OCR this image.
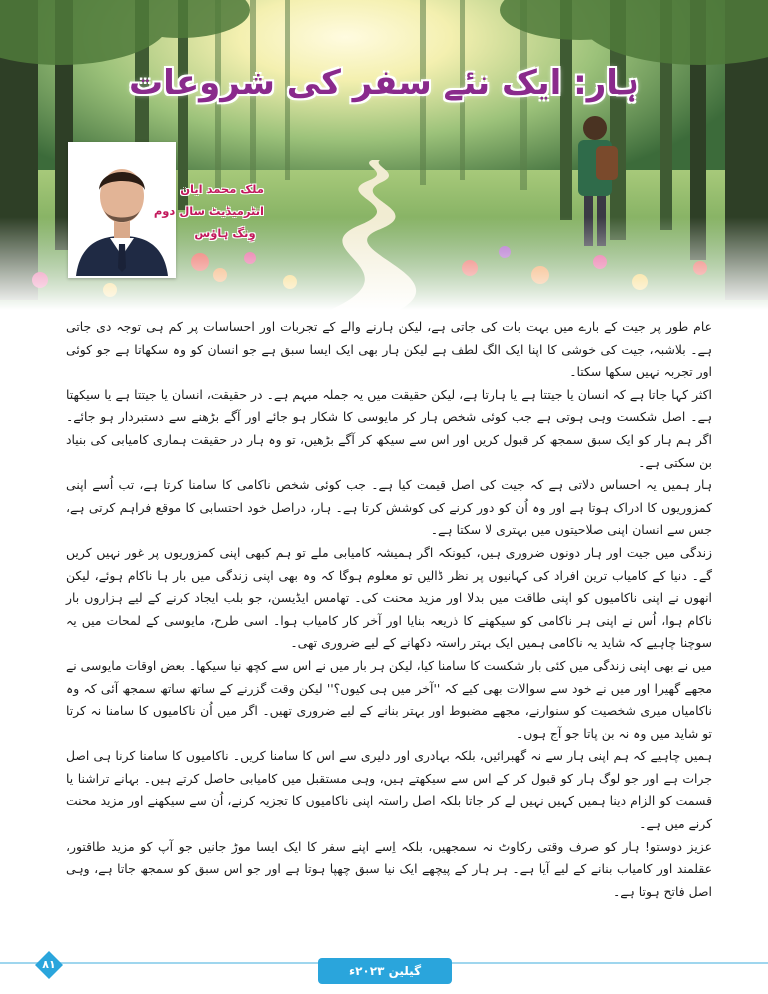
ہار: ایک نئے سفر کی شروعات
ملک محمد ایان
انٹرمیڈیٹ سال دوم
وِنگ ہاؤس

عام طور پر جیت کے بارے میں بہت بات کی جاتی ہے، لیکن ہارنے والے کے تجربات اور احساسات پر کم ہی توجہ دی جاتی ہے۔ بلاشبہ، جیت کی خوشی کا اپنا ایک الگ لطف ہے لیکن ہار بھی ایک ایسا سبق ہے جو انسان کو وہ سکھاتا ہے جو کوئی اور تجربہ نہیں سکھا سکتا۔

اکثر کہا جاتا ہے کہ انسان یا جیتتا ہے یا ہارتا ہے، لیکن حقیقت میں یہ جملہ مبہم ہے۔ در حقیقت، انسان یا جیتتا ہے یا سیکھتا ہے۔ اصل شکست وہی ہوتی ہے جب کوئی شخص ہار کر مایوسی کا شکار ہو جائے اور آگے بڑھنے سے دستبردار ہو جائے۔ اگر ہم ہار کو ایک سبق سمجھ کر قبول کریں اور اس سے سیکھ کر آگے بڑھیں، تو وہ ہار در حقیقت ہماری کامیابی کی بنیاد بن سکتی ہے۔

ہار ہمیں یہ احساس دلاتی ہے کہ جیت کی اصل قیمت کیا ہے۔ جب کوئی شخص ناکامی کا سامنا کرتا ہے، تب اُسے اپنی کمزوریوں کا ادراک ہوتا ہے اور وہ اُن کو دور کرنے کی کوشش کرتا ہے۔ ہار، دراصل خود احتسابی کا موقع فراہم کرتی ہے، جس سے انسان اپنی صلاحیتوں میں بہتری لا سکتا ہے۔

زندگی میں جیت اور ہار دونوں ضروری ہیں، کیونکہ اگر ہمیشہ کامیابی ملے تو ہم کبھی اپنی کمزوریوں پر غور نہیں کریں گے۔ دنیا کے کامیاب ترین افراد کی کہانیوں پر نظر ڈالیں تو معلوم ہوگا کہ وہ بھی اپنی زندگی میں بار ہا ناکام ہوئے، لیکن انھوں نے اپنی ناکامیوں کو اپنی طاقت میں بدلا اور مزید محنت کی۔ تھامس ایڈیسن، جو بلب ایجاد کرنے کے لیے ہزاروں بار ناکام ہوا، اُس نے اپنی ہر ناکامی کو سیکھنے کا ذریعہ بنایا اور آخر کار کامیاب ہوا۔ اسی طرح، مایوسی کے لمحات میں یہ سوچنا چاہیے کہ شاید یہ ناکامی ہمیں ایک بہتر راستہ دکھانے کے لیے ضروری تھی۔

میں نے بھی اپنی زندگی میں کئی بار شکست کا سامنا کیا، لیکن ہر بار میں نے اس سے کچھ نیا سیکھا۔ بعض اوقات مایوسی نے مجھے گھیرا اور میں نے خود سے سوالات بھی کیے کہ ''آخر میں ہی کیوں؟'' لیکن وقت گزرنے کے ساتھ ساتھ سمجھ آئی کہ وہ ناکامیاں میری شخصیت کو سنوارنے، مجھے مضبوط اور بہتر بنانے کے لیے ضروری تھیں۔ اگر میں اُن ناکامیوں کا سامنا نہ کرتا تو شاید میں وہ نہ بن پاتا جو آج ہوں۔

ہمیں چاہیے کہ ہم اپنی ہار سے نہ گھبرائیں، بلکہ بہادری اور دلیری سے اس کا سامنا کریں۔ ناکامیوں کا سامنا کرنا ہی اصل جرات ہے اور جو لوگ ہار کو قبول کر کے اس سے سیکھتے ہیں، وہی مستقبل میں کامیابی حاصل کرتے ہیں۔ بہانے تراشنا یا قسمت کو الزام دینا ہمیں کہیں نہیں لے کر جاتا بلکہ اصل راستہ اپنی ناکامیوں کا تجزیہ کرنے، اُن سے سیکھنے اور مزید محنت کرنے میں ہے۔

عزیز دوستو! ہار کو صرف وقتی رکاوٹ نہ سمجھیں، بلکہ اِسے اپنے سفر کا ایک ایسا موڑ جانیں جو آپ کو مزید طاقتور، عقلمند اور کامیاب بنانے کے لیے آیا ہے۔ ہر ہار کے پیچھے ایک نیا سبق چھپا ہوتا ہے اور جو اس سبق کو سمجھ جاتا ہے، وہی اصل فاتح ہوتا ہے۔

۸۱	گیلین ۲۰۲۳ء
